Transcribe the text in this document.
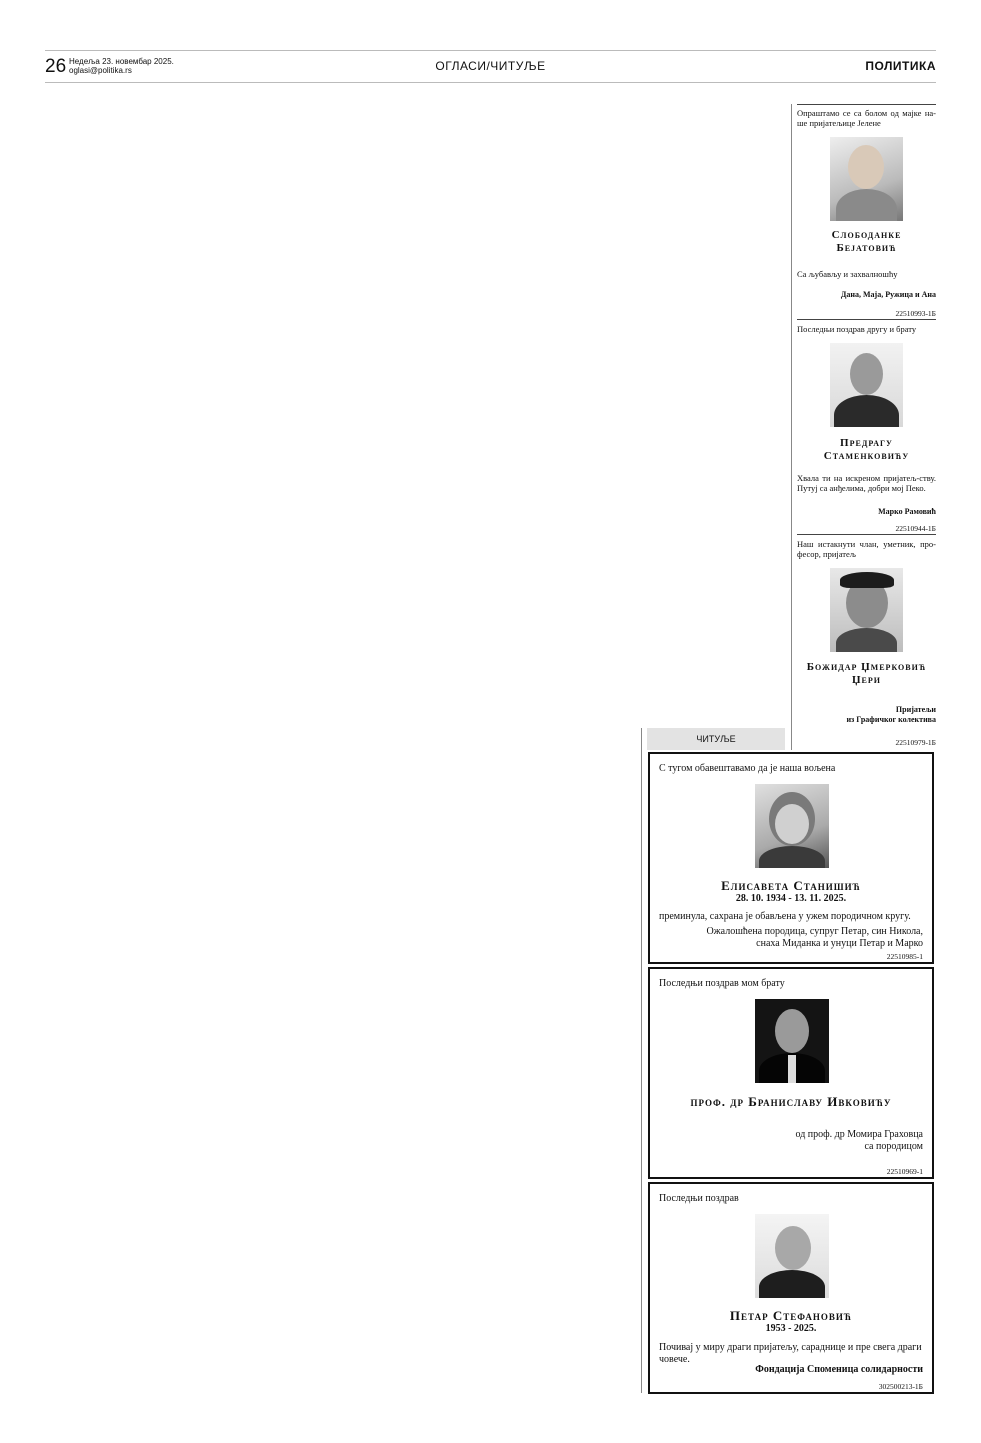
26 Недеља 23. новембар 2025.
oglasi@politika.rs	ОГЛАСИ/ЧИТУЉЕ	ПОЛИТИКА
Опраштамо се са болом од мајке на-ше пријатељице Јелене
Слободанке
Бејатовић
Са љубављу и захвалношћу
Дана, Маја, Ружица и Ана
22510993-1Б
Последњи поздрав другу и брату
Предрагу
Стаменковићу
Хвала ти на искреном пријатељ-ству. Путуј са анђелима, добри мој Пеко.
Марко Рамовић
22510944-1Б
Наш истакнути члан, уметник, про-фесор, пријатељ
Божидар Џмерковић
Џери
Пријатељи
из Графичког колектива
22510979-1Б
ЧИТУЉЕ
С тугом обавештавамо да је наша вољена
Елисавета Станишић
28. 10. 1934 - 13. 11. 2025.
преминула, сахрана је обављена у ужем породичном кругу.
Ожалошћена породица, супруг Петар, син Никола,
снаха Миданка и унуци Петар и Марко
22510985-1
Последњи поздрав мом брату
проф. др Браниславу Ивковићу
од проф. др Момира Граховца
са породицом
22510969-1
Последњи поздрав
Петар Стефановић
1953 - 2025.
Почивај у миру драги пријатељу, сараднице и пре свега драги човече.
Фондација Споменица солидарности
302500213-1Б
